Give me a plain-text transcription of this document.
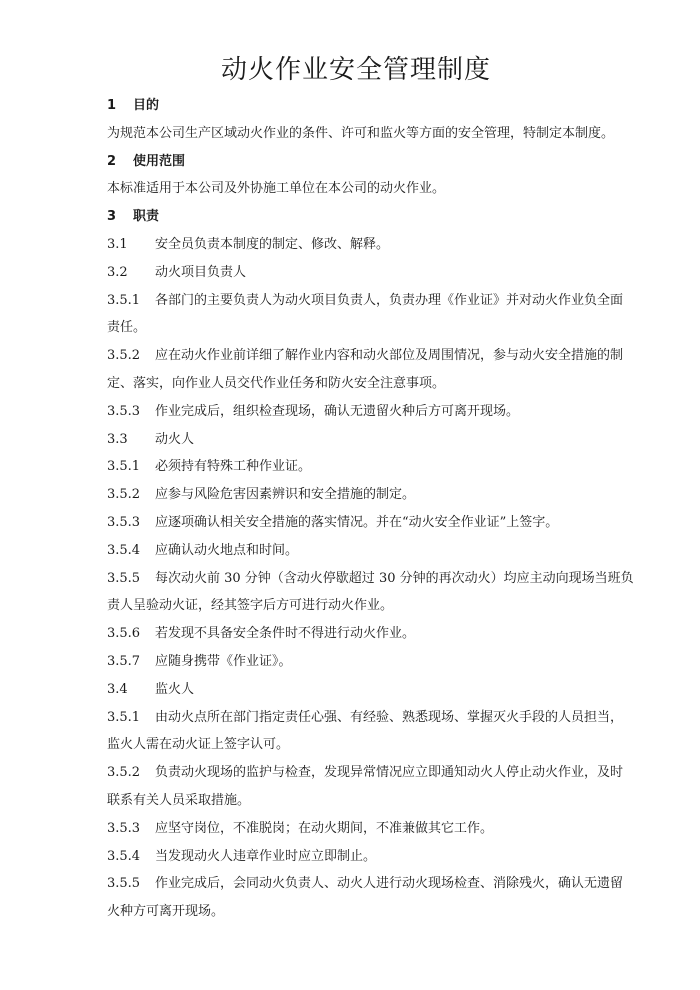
动火作业安全管理制度
1 目的
为规范本公司生产区域动火作业的条件、许可和监火等方面的安全管理，特制定本制度。
2 使用范围
本标准适用于本公司及外协施工单位在本公司的动火作业。
3 职责
3.1 安全员负责本制度的制定、修改、解释。
3.2 动火项目负责人
3.5.1 各部门的主要负责人为动火项目负责人，负责办理《作业证》并对动火作业负全面
责任。
3.5.2 应在动火作业前详细了解作业内容和动火部位及周围情况，参与动火安全措施的制
定、落实，向作业人员交代作业任务和防火安全注意事项。
3.5.3 作业完成后，组织检查现场，确认无遗留火种后方可离开现场。
3.3 动火人
3.5.1 必须持有特殊工种作业证。
3.5.2 应参与风险危害因素辨识和安全措施的制定。
3.5.3 应逐项确认相关安全措施的落实情况。并在“动火安全作业证”上签字。
3.5.4 应确认动火地点和时间。
3.5.5 每次动火前 30 分钟（含动火停歇超过 30 分钟的再次动火）均应主动向现场当班负
责人呈验动火证，经其签字后方可进行动火作业。
3.5.6 若发现不具备安全条件时不得进行动火作业。
3.5.7 应随身携带《作业证》。
3.4 监火人
3.5.1 由动火点所在部门指定责任心强、有经验、熟悉现场、掌握灭火手段的人员担当，
监火人需在动火证上签字认可。
3.5.2 负责动火现场的监护与检查，发现异常情况应立即通知动火人停止动火作业，及时
联系有关人员采取措施。
3.5.3 应坚守岗位，不准脱岗；在动火期间，不准兼做其它工作。
3.5.4 当发现动火人违章作业时应立即制止。
3.5.5 作业完成后，会同动火负责人、动火人进行动火现场检查、消除残火，确认无遗留
火种方可离开现场。
